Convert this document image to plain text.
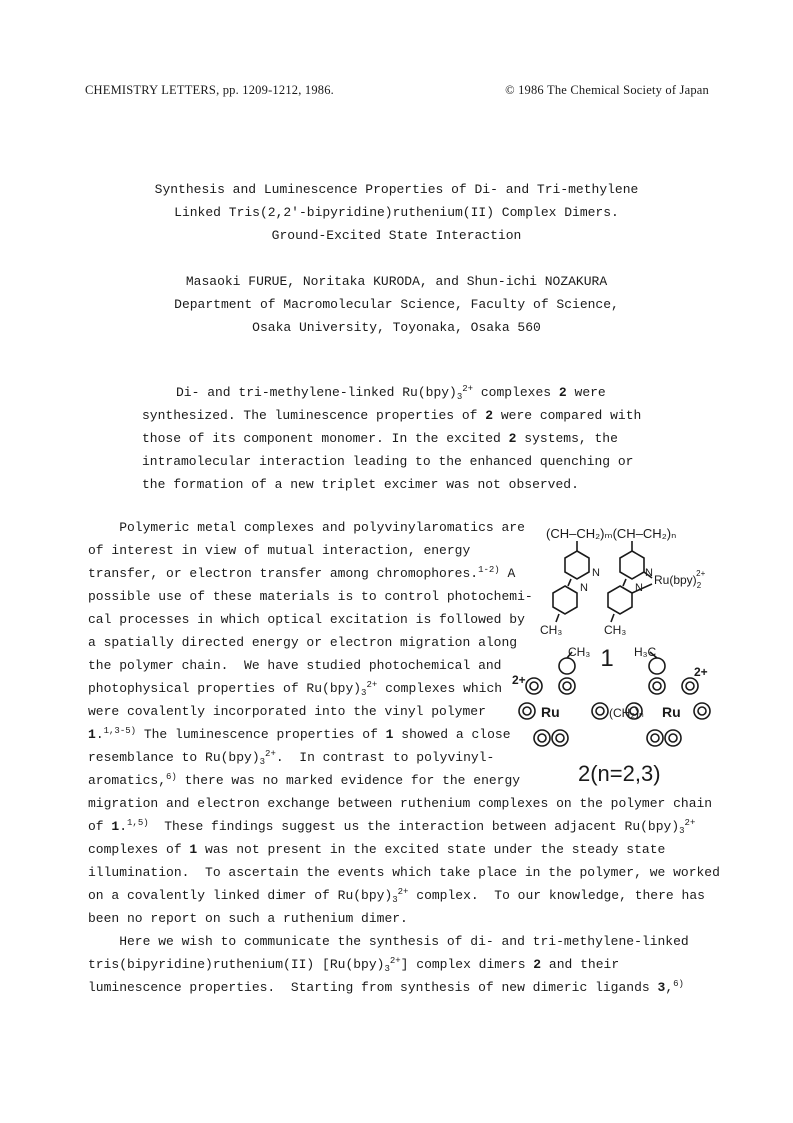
CHEMISTRY LETTERS, pp. 1209-1212, 1986.	© 1986 The Chemical Society of Japan
Synthesis and Luminescence Properties of Di- and Tri-methylene
Linked Tris(2,2'-bipyridine)ruthenium(II) Complex Dimers.
Ground-Excited State Interaction
Masaoki FURUE, Noritaka KURODA, and Shun-ichi NOZAKURA
Department of Macromolecular Science, Faculty of Science,
Osaka University, Toyonaka, Osaka 560
Di- and tri-methylene-linked $Ru(bpy)_3^{2+}$ complexes 2 were
synthesized. The luminescence properties of 2 were compared with
those of its component monomer. In the excited 2 systems, the
intramolecular interaction leading to the enhanced quenching or
the formation of a new triplet excimer was not observed.
Polymeric metal complexes and polyvinylaromatics are
of interest in view of mutual interaction, energy
transfer, or electron transfer among chromophores.$^{1-2)}$ A
possible use of these materials is to control photochemi-
cal processes in which optical excitation is followed by
a spatially directed energy or electron migration along
the polymer chain.  We have studied photochemical and
photophysical properties of $Ru(bpy)_3^{2+}$ complexes which
were covalently incorporated into the vinyl polymer
1.$^{1,3-5)}$ The luminescence properties of 1 showed a close
resemblance to $Ru(bpy)_3^{2+}$.  In contrast to polyvinyl-
aromatics,$^{6)}$ there was no marked evidence for the energy
migration and electron exchange between ruthenium complexes on the polymer chain
of 1.$^{1,5)}$  These findings suggest us the interaction between adjacent $Ru(bpy)_3^{2+}$
complexes of 1 was not present in the excited state under the steady state
illumination.  To ascertain the events which take place in the polymer, we worked
on a covalently linked dimer of $Ru(bpy)_3^{2+}$ complex.  To our knowledge, there has
been no report on such a ruthenium dimer.
Here we wish to communicate the synthesis of di- and tri-methylene-linked
tris(bipyridine)ruthenium(II) $[Ru(bpy)_3^{2+}]$ complex dimers 2 and their
luminescence properties.  Starting from synthesis of new dimeric ligands 3,$^{6)}$
(CH–CH₂)ₘ(CH–CH₂)ₙ
N
N
N
N
$Ru(bpy)_22+$
CH₃	CH₃
1
2+
CH₃	H₃C
2+
Ru	(CH₂)ₙ Ru
2(n=2,3)
